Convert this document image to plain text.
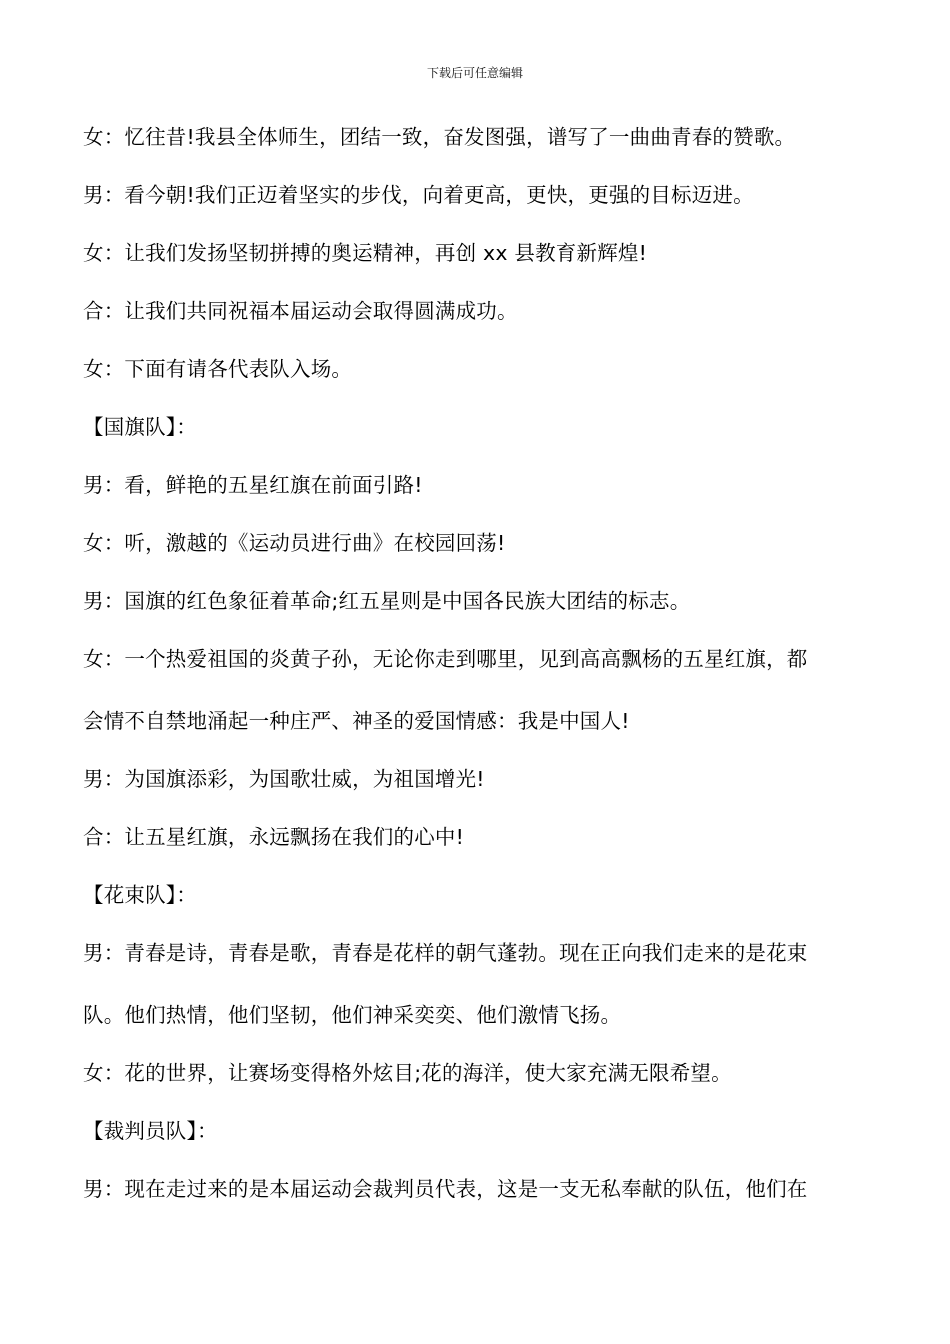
下载后可任意编辑
女：忆往昔!我县全体师生，团结一致，奋发图强，谱写了一曲曲青春的赞歌。
男：看今朝!我们正迈着坚实的步伐，向着更高，更快，更强的目标迈进。
女：让我们发扬坚韧拼搏的奥运精神，再创 xx 县教育新辉煌!
合：让我们共同祝福本届运动会取得圆满成功。
女：下面有请各代表队入场。
【国旗队】：
男：看，鲜艳的五星红旗在前面引路!
女：听，激越的《运动员进行曲》在校园回荡!
男：国旗的红色象征着革命;红五星则是中国各民族大团结的标志。
女：一个热爱祖国的炎黄子孙，无论你走到哪里，见到高高飘杨的五星红旗，都
会情不自禁地涌起一种庄严、神圣的爱国情感：我是中国人!
男：为国旗添彩，为国歌壮威，为祖国增光!
合：让五星红旗，永远飘扬在我们的心中!
【花束队】：
男：青春是诗，青春是歌，青春是花样的朝气蓬勃。现在正向我们走来的是花束
队。他们热情，他们坚韧，他们神采奕奕、他们激情飞扬。
女：花的世界，让赛场变得格外炫目;花的海洋，使大家充满无限希望。
【裁判员队】：
男：现在走过来的是本届运动会裁判员代表，这是一支无私奉献的队伍，他们在
